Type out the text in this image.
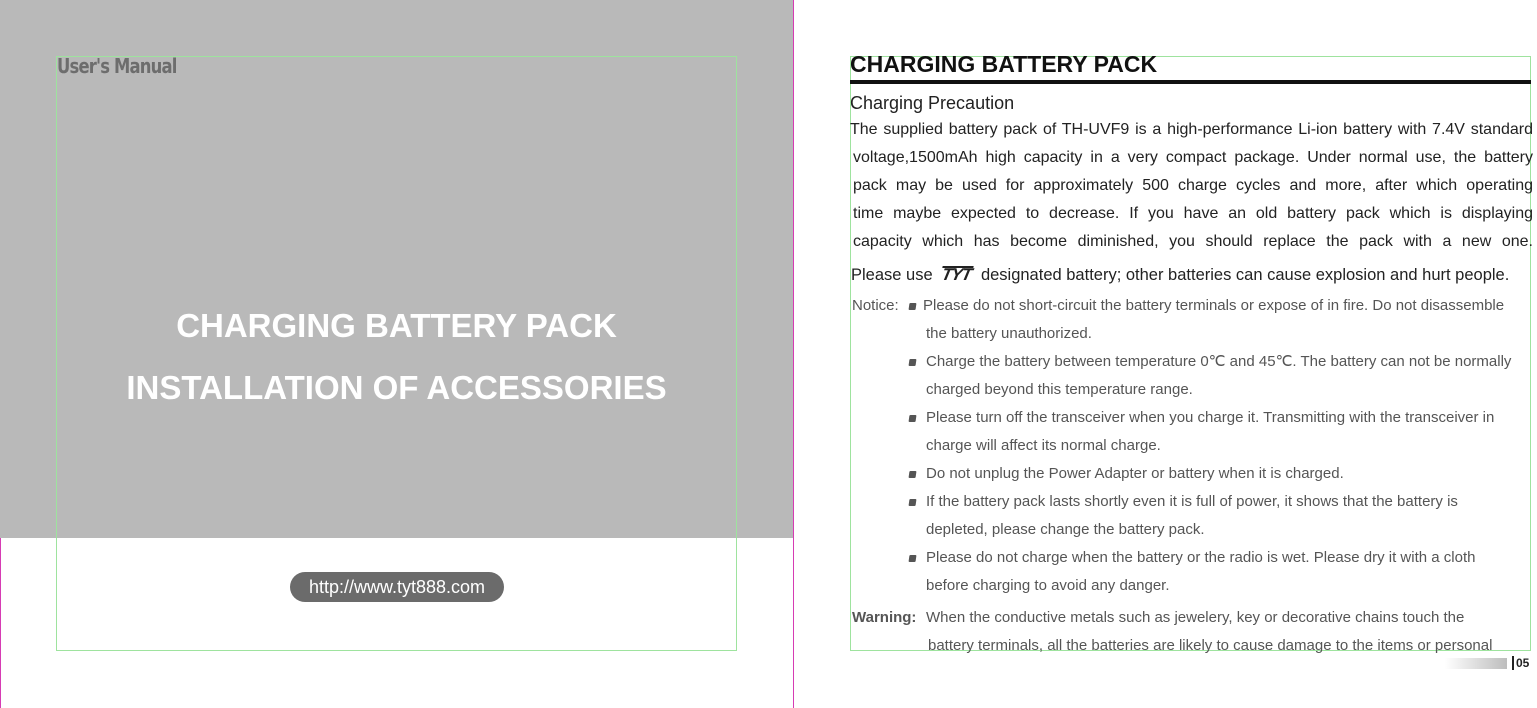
User's Manual
CHARGING BATTERY PACK
INSTALLATION OF ACCESSORIES
http://www.tyt888.com
CHARGING BATTERY PACK
Charging Precaution
The supplied battery pack of TH-UVF9 is a high-performance Li-ion battery with 7.4V standard
voltage,1500mAh high capacity in a very compact package. Under normal use, the battery
pack may be used for approximately 500 charge cycles and more, after which operating
time maybe expected to decrease. If you have an old battery pack which is displaying
capacity which has become diminished, you should replace the pack with a new one.
Please use TYT designated battery; other batteries can cause explosion and hurt people.
Notice: Please do not short-circuit the battery terminals or expose of in fire. Do not disassemble
the battery unauthorized.
Charge the battery between temperature 0℃ and 45℃. The battery can not be normally
charged beyond this temperature range.
Please turn off the transceiver when you charge it. Transmitting with the transceiver in
charge will affect its normal charge.
Do not unplug the Power Adapter or battery when it is charged.
If the battery pack lasts shortly even it is full of power, it shows that the battery is
depleted, please change the battery pack.
Please do not charge when the battery or the radio is wet. Please dry it with a cloth
before charging to avoid any danger.
Warning: When the conductive metals such as jewelery, key or decorative chains touch the
battery terminals, all the batteries are likely to cause damage to the items or personal
05
